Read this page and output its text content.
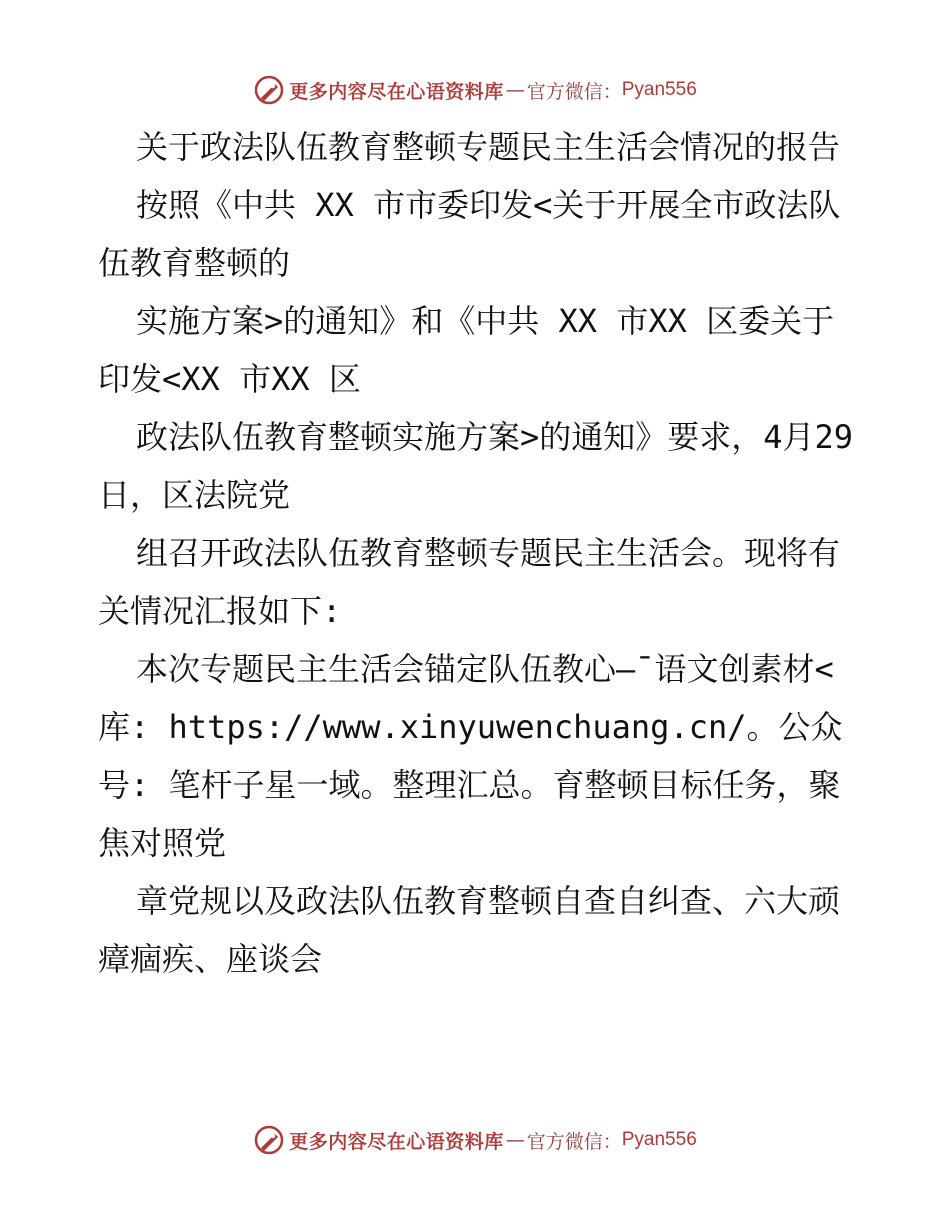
更多内容尽在心语资料库 — 官方微信： Pyan556

关于政法队伍教育整顿专题民主生活会情况的报告

按照《中共 XX 市市委印发<关于开展全市政法队伍教育整顿的

实施方案>的通知》和《中共 XX 市XX 区委关于印发<XX 市XX 区

政法队伍教育整顿实施方案>的通知》要求，4月29 日，区法院党

组召开政法队伍教育整顿专题民主生活会。现将有关情况汇报如下:

本次专题民主生活会锚定队伍教心—¯语文创素材<库: https://www.xinyuwenchuang.cn/。公众号: 笔杆子星一域。整理汇总。育整顿目标任务，聚焦对照党

章党规以及政法队伍教育整顿自查自纠查、六大顽瘴痼疾、座谈会

更多内容尽在心语资料库 — 官方微信： Pyan556
